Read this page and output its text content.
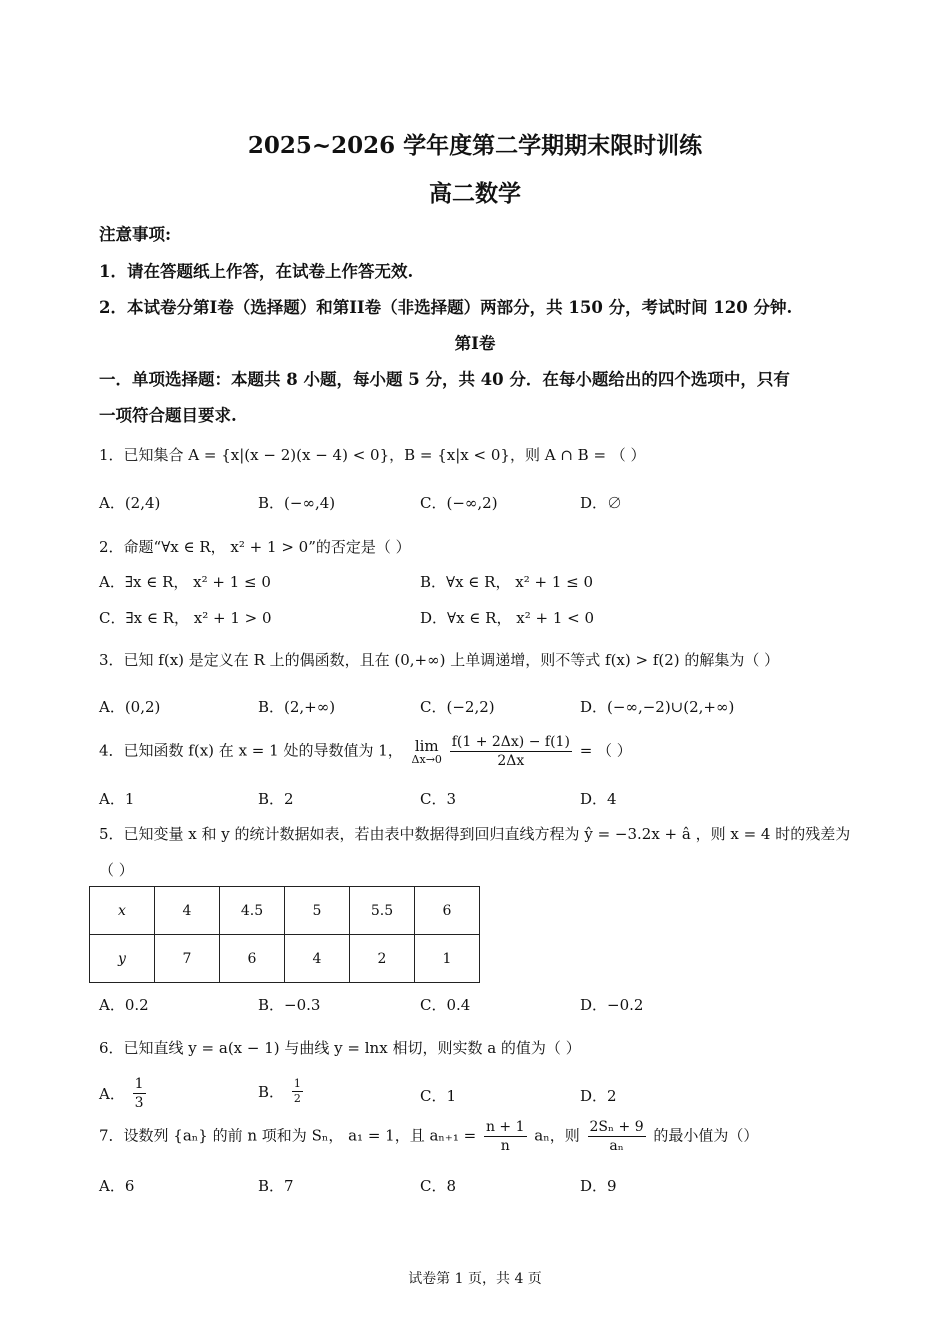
2025~2026 学年度第二学期期末限时训练
高二数学
注意事项:
1．请在答题纸上作答，在试卷上作答无效.
2．本试卷分第I卷（选择题）和第II卷（非选择题）两部分，共 150 分，考试时间 120 分钟.
第I卷
一．单项选择题：本题共 8 小题，每小题 5 分，共 40 分．在每小题给出的四个选项中，只有
一项符合题目要求.
1．已知集合 A = {x|(x − 2)(x − 4) < 0}，B = {x|x < 0}，则 A ∩ B = （ ）
A．(2,4)	B．(−∞,4)	C．(−∞,2)	D．∅
2．命题“∀x ∈ R， x² + 1 > 0”的否定是（ ）
A．∃x ∈ R， x² + 1 ≤ 0	B．∀x ∈ R， x² + 1 ≤ 0
C．∃x ∈ R， x² + 1 > 0	D．∀x ∈ R， x² + 1 < 0
3．已知 f(x) 是定义在 R 上的偶函数，且在 (0,+∞) 上单调递增，则不等式 f(x) > f(2) 的解集为（ ）
A．(0,2)	B．(2,+∞)	C．(−2,2)	D．(−∞,−2)∪(2,+∞)
4．已知函数 f(x) 在 x = 1 处的导数值为 1， lim
Δx→0
$\frac{f(1 + 2\Delta x) - f(1)}{2\Delta x}$ = （ ）
A．1	B．2	C．3	D．4
5．已知变量 x 和 y 的统计数据如表，若由表中数据得到回归直线方程为 ŷ = −3.2x + â ，则 x = 4 时的残差为
（ ）
x	4	4.5	5	5.5	6
y	7	6	4	2	1
A．0.2	B．−0.3	C．0.4	D．−0.2
6．已知直线 y = a(x − 1) 与曲线 y = lnx 相切，则实数 a 的值为（ ）
A． $\frac{1}{3}$	B． $\frac{1}{2}$	C．1	D．2
7．设数列 {aₙ} 的前 n 项和为 Sₙ， a₁ = 1，且 $a_{n+1} = \frac{n + 1}{n}$ aₙ，则 $\frac{\text{2Sₙ + 9}}{\text{aₙ}}$ 的最小值为（）
A．6	B．7	C．8	D．9
试卷第 1 页，共 4 页
